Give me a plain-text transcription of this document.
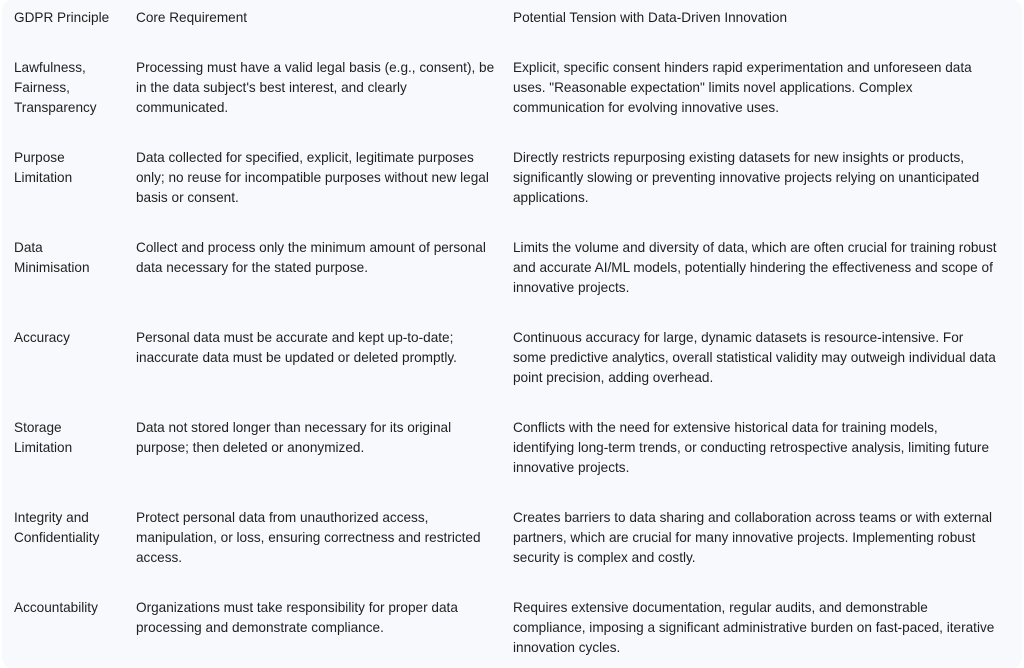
GDPR Principle	Core Requirement	Potential Tension with Data-Driven Innovation

Lawfulness, Fairness, Transparency	Processing must have a valid legal basis (e.g., consent), be in the data subject's best interest, and clearly communicated.	Explicit, specific consent hinders rapid experimentation and unforeseen data uses. "Reasonable expectation" limits novel applications. Complex communication for evolving innovative uses.

Purpose Limitation	Data collected for specified, explicit, legitimate purposes only; no reuse for incompatible purposes without new legal basis or consent.	Directly restricts repurposing existing datasets for new insights or products, significantly slowing or preventing innovative projects relying on unanticipated applications.

Data Minimisation	Collect and process only the minimum amount of personal data necessary for the stated purpose.	Limits the volume and diversity of data, which are often crucial for training robust and accurate AI/ML models, potentially hindering the effectiveness and scope of innovative projects.

Accuracy	Personal data must be accurate and kept up-to-date; inaccurate data must be updated or deleted promptly.	Continuous accuracy for large, dynamic datasets is resource-intensive. For some predictive analytics, overall statistical validity may outweigh individual data point precision, adding overhead.

Storage Limitation	Data not stored longer than necessary for its original purpose; then deleted or anonymized.	Conflicts with the need for extensive historical data for training models, identifying long-term trends, or conducting retrospective analysis, limiting future innovative projects.

Integrity and Confidentiality	Protect personal data from unauthorized access, manipulation, or loss, ensuring correctness and restricted access.	Creates barriers to data sharing and collaboration across teams or with external partners, which are crucial for many innovative projects. Implementing robust security is complex and costly.

Accountability	Organizations must take responsibility for proper data processing and demonstrate compliance.	Requires extensive documentation, regular audits, and demonstrable compliance, imposing a significant administrative burden on fast-paced, iterative innovation cycles.
